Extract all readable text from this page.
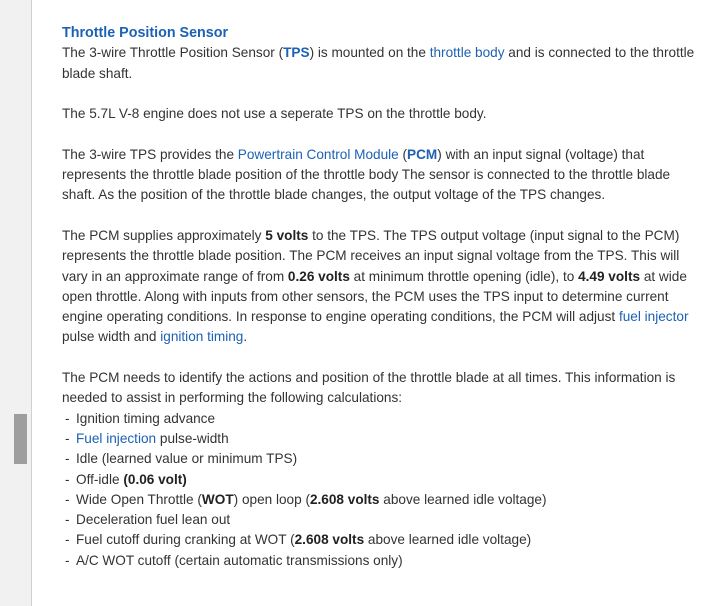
Throttle Position Sensor

The 3-wire Throttle Position Sensor (TPS) is mounted on the throttle body and is connected to the throttle blade shaft.

The 5.7L V-8 engine does not use a seperate TPS on the throttle body.

The 3-wire TPS provides the Powertrain Control Module (PCM) with an input signal (voltage) that represents the throttle blade position of the throttle body The sensor is connected to the throttle blade shaft. As the position of the throttle blade changes, the output voltage of the TPS changes.

The PCM supplies approximately 5 volts to the TPS. The TPS output voltage (input signal to the PCM) represents the throttle blade position. The PCM receives an input signal voltage from the TPS. This will vary in an approximate range of from 0.26 volts at minimum throttle opening (idle), to 4.49 volts at wide open throttle. Along with inputs from other sensors, the PCM uses the TPS input to determine current engine operating conditions. In response to engine operating conditions, the PCM will adjust fuel injector pulse width and ignition timing.

The PCM needs to identify the actions and position of the throttle blade at all times. This information is needed to assist in performing the following calculations:
- Ignition timing advance
- Fuel injection pulse-width
- Idle (learned value or minimum TPS)
- Off-idle (0.06 volt)
- Wide Open Throttle (WOT) open loop (2.608 volts above learned idle voltage)
- Deceleration fuel lean out
- Fuel cutoff during cranking at WOT (2.608 volts above learned idle voltage)
- A/C WOT cutoff (certain automatic transmissions only)
